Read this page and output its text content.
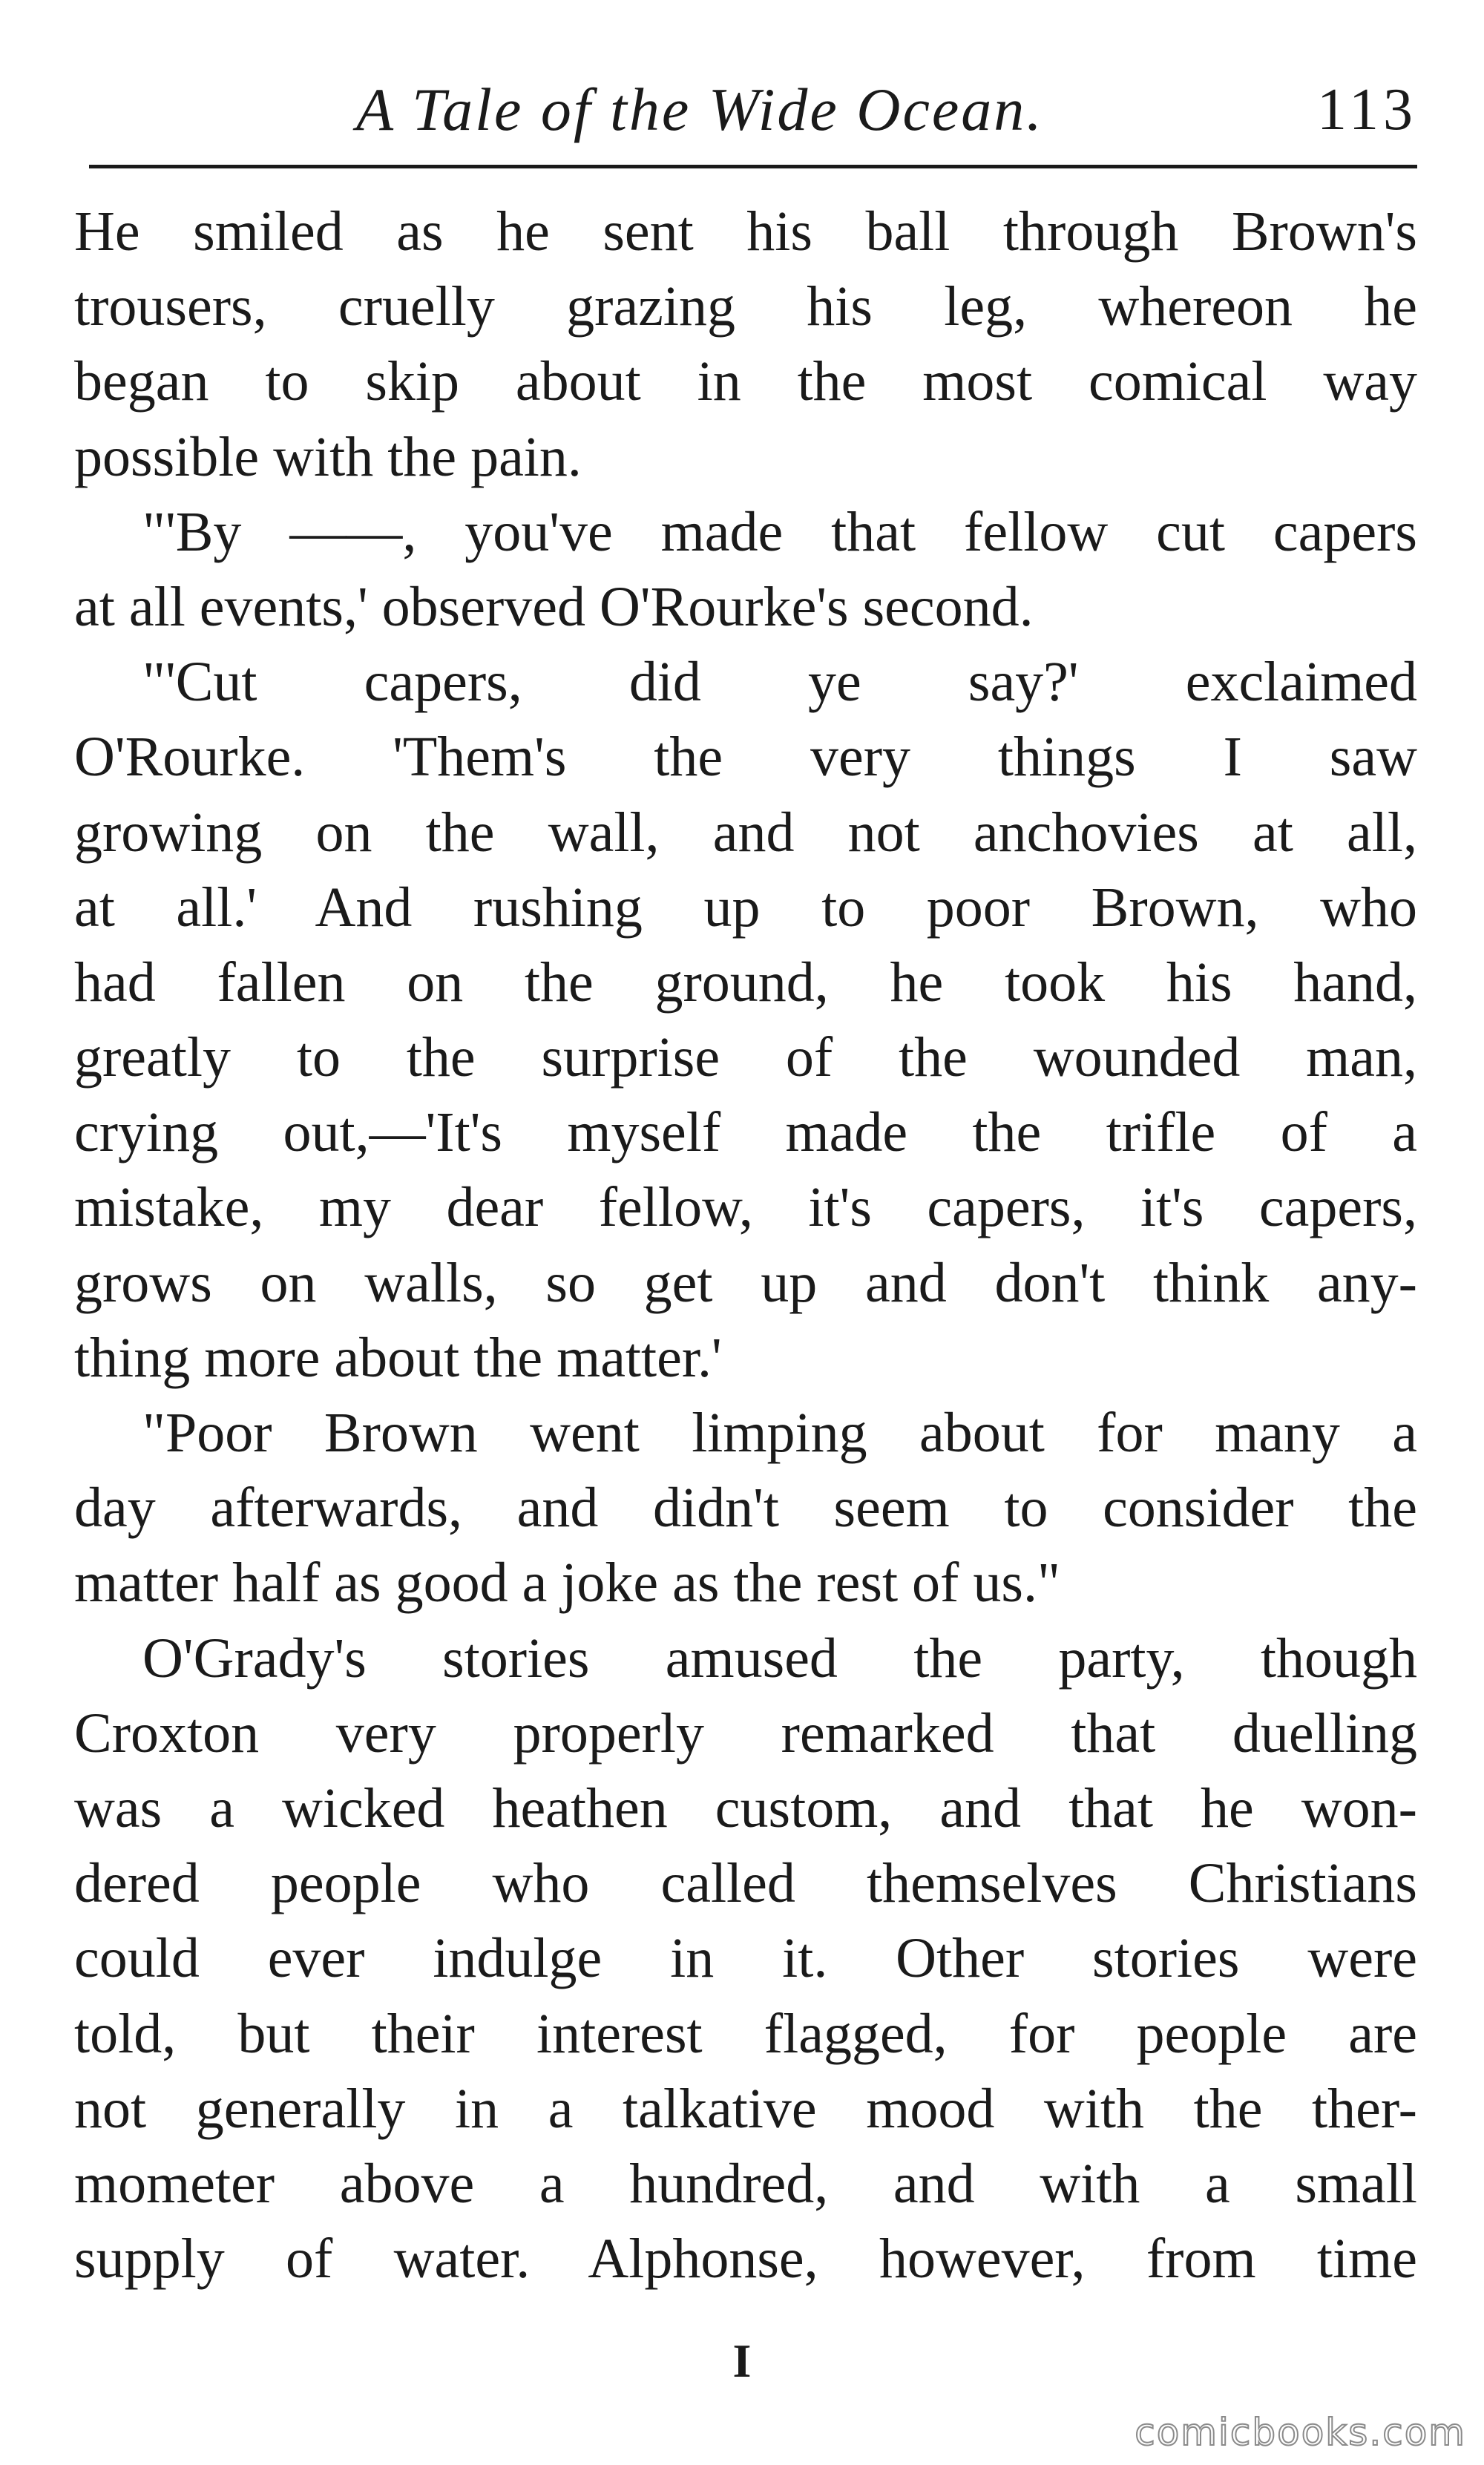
A Tale of the Wide Ocean.	113
He smiled as he sent his ball through Brown's
trousers, cruelly grazing his leg, whereon he
began to skip about in the most comical way
possible with the pain.
"'By ——, you've made that fellow cut capers
at all events,' observed O'Rourke's second.
"'Cut capers, did ye say?' exclaimed
O'Rourke. 'Them's the very things I saw
growing on the wall, and not anchovies at all,
at all.' And rushing up to poor Brown, who
had fallen on the ground, he took his hand,
greatly to the surprise of the wounded man,
crying out,—'It's myself made the trifle of a
mistake, my dear fellow, it's capers, it's capers,
grows on walls, so get up and don't think any-
thing more about the matter.'
"Poor Brown went limping about for many a
day afterwards, and didn't seem to consider the
matter half as good a joke as the rest of us."
O'Grady's stories amused the party, though
Croxton very properly remarked that duelling
was a wicked heathen custom, and that he won-
dered people who called themselves Christians
could ever indulge in it. Other stories were
told, but their interest flagged, for people are
not generally in a talkative mood with the ther-
mometer above a hundred, and with a small
supply of water. Alphonse, however, from time
I
comicbooks.com
